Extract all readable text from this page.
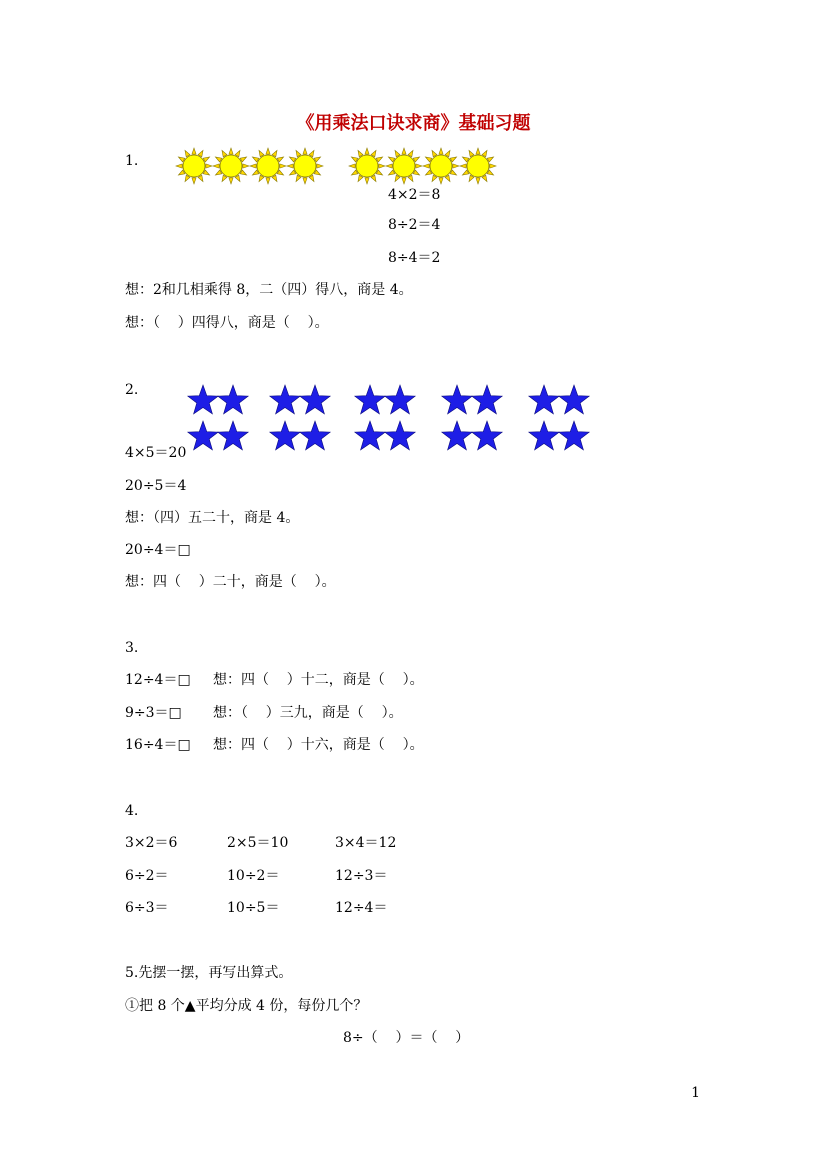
《用乘法口诀求商》基础习题
1.
4×2＝8
8÷2＝4
8÷4＝2
想：2和几相乘得 8，二（四）得八，商是 4。
想：（    ）四得八，商是（    ）。
2.
4×5＝20
20÷5＝4
想：（四）五二十，商是 4。
20÷4＝□
想：四（    ）二十，商是（    ）。
3.
12÷4＝□ 想：四（    ）十二，商是（    ）。
9÷3＝□ 想：（    ）三九，商是（    ）。
16÷4＝□ 想：四（    ）十六，商是（    ）。
4.
3×2＝6	2×5＝10	3×4＝12
6÷2＝	10÷2＝	12÷3＝
6÷3＝	10÷5＝	12÷4＝
5.先摆一摆，再写出算式。
①把 8 个▲平均分成 4 份，每份几个？
8÷（    ）＝（    ）
1
